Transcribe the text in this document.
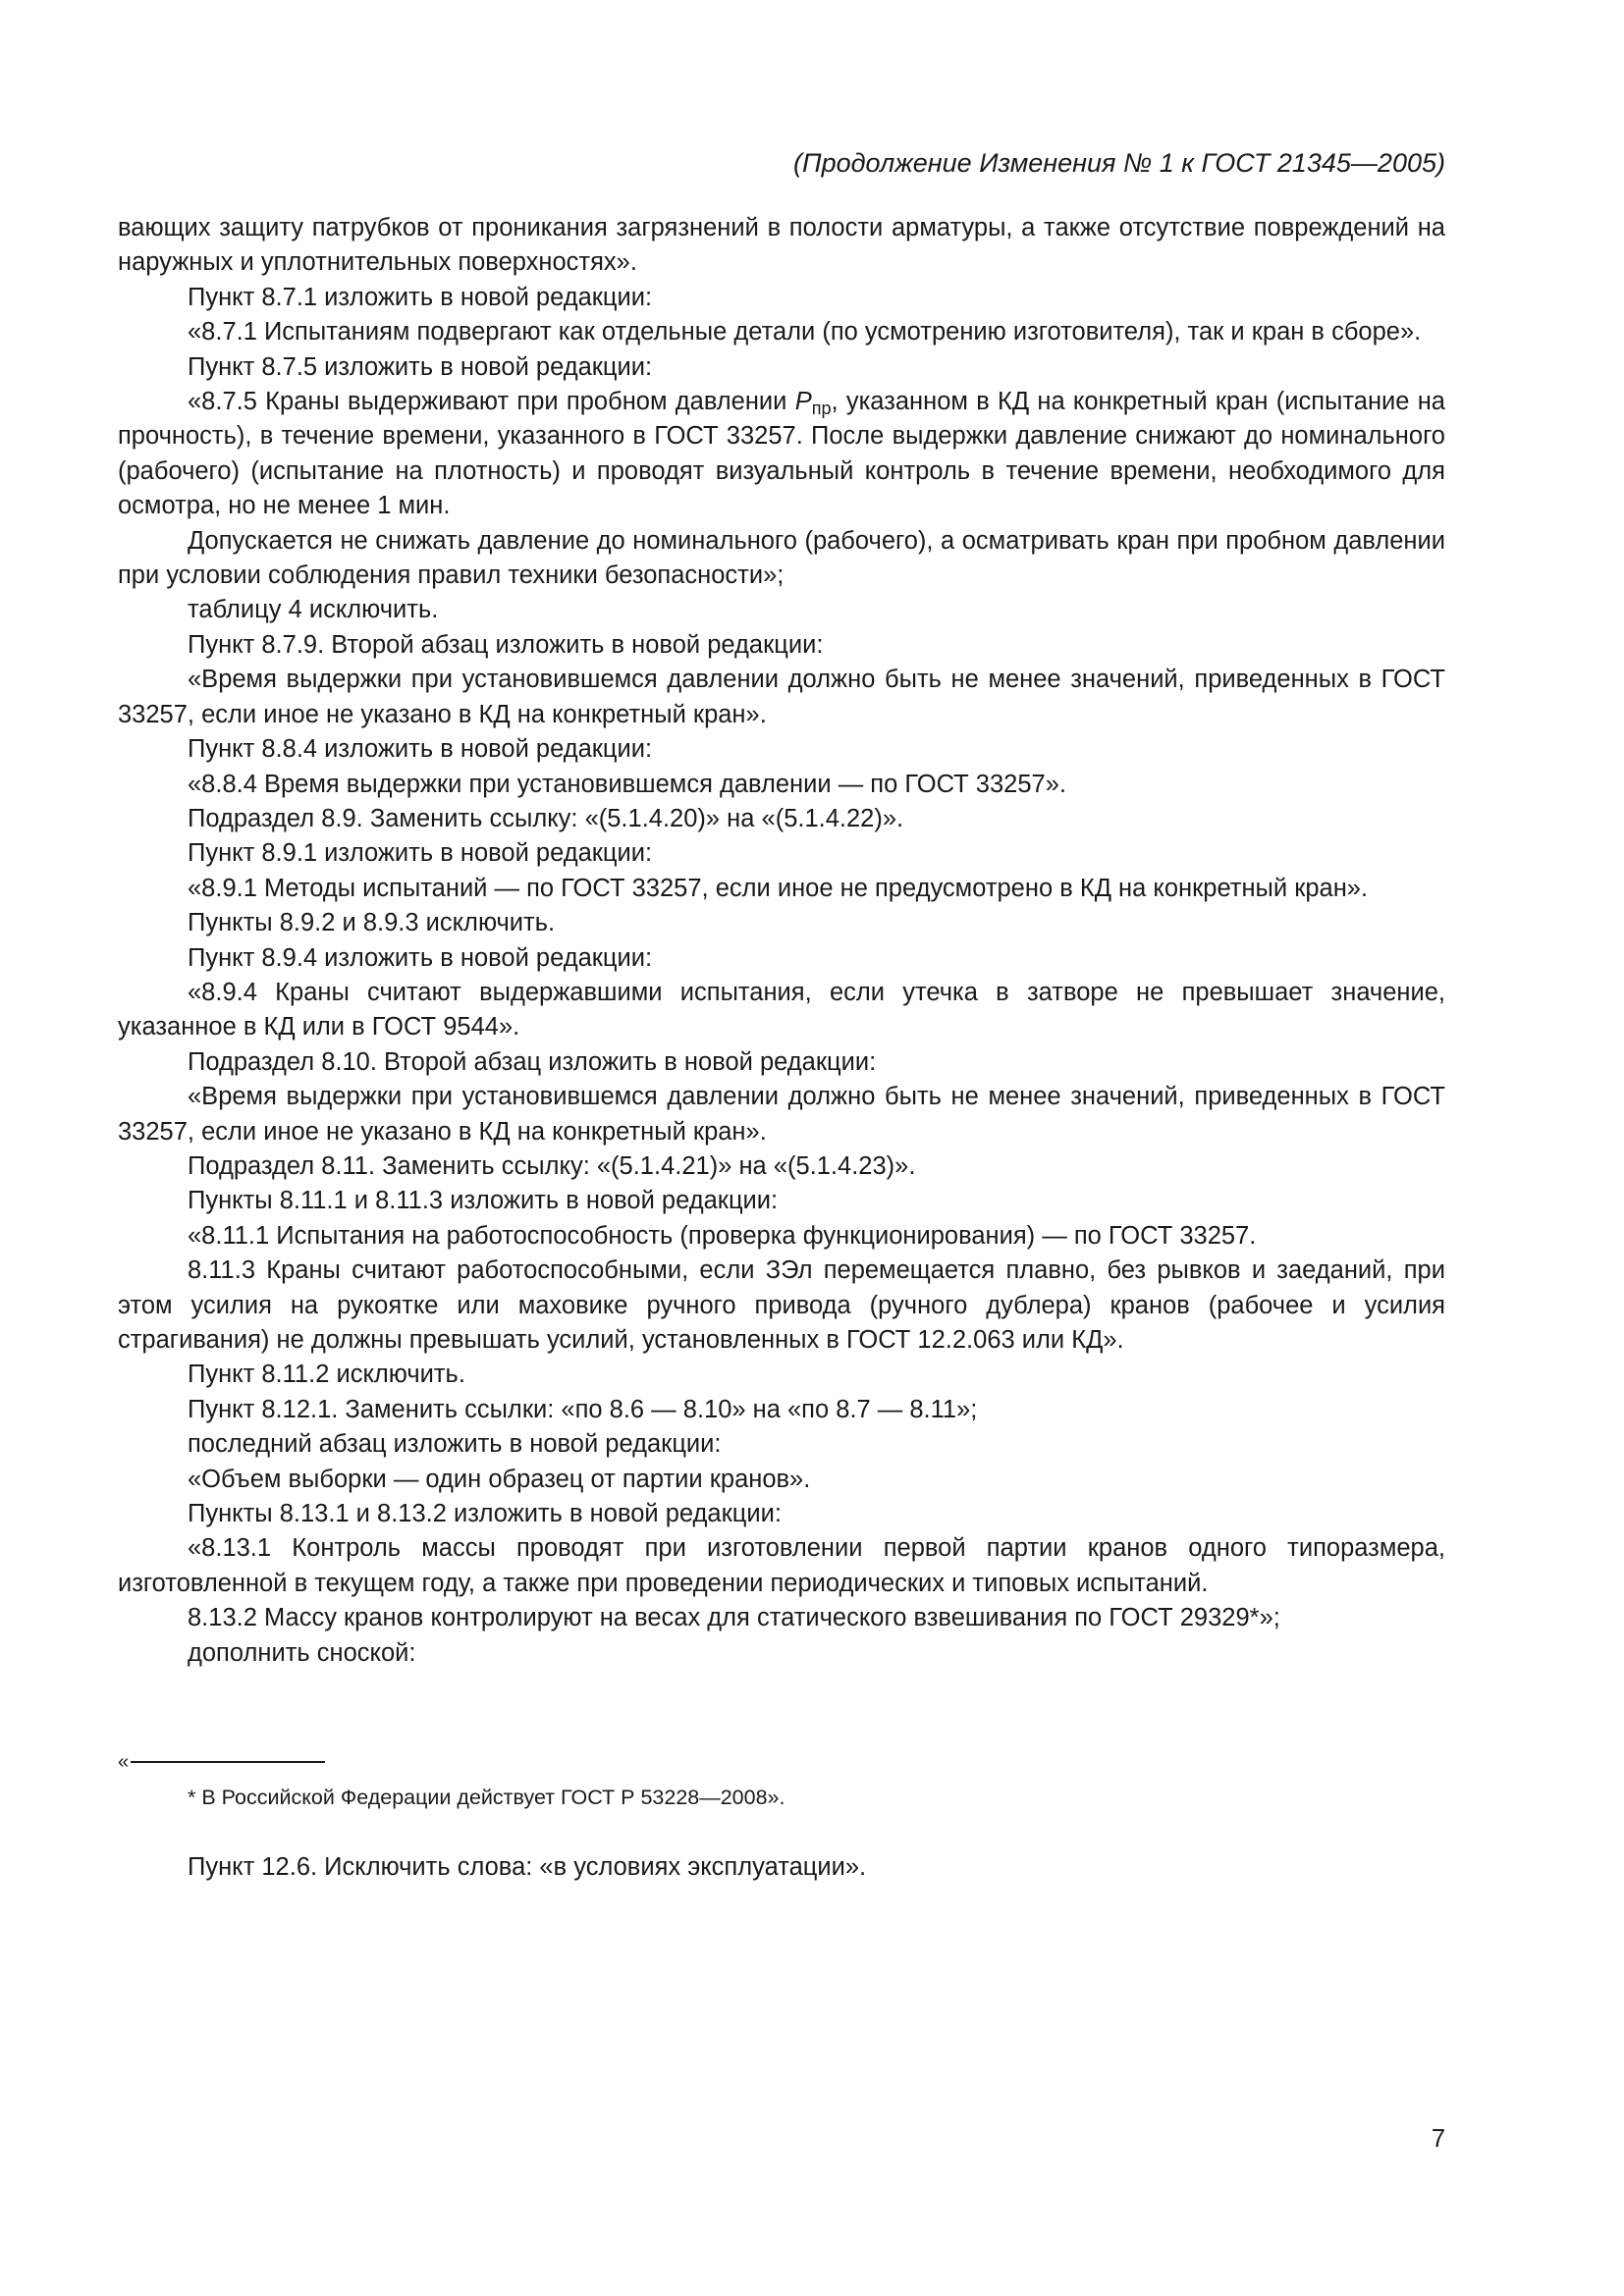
(Продолжение Изменения № 1 к ГОСТ 21345—2005)

вающих защиту патрубков от проникания загрязнений в полости арматуры, а также отсутствие повреждений на наружных и уплотнительных поверхностях».

Пункт 8.7.1 изложить в новой редакции:

«8.7.1 Испытаниям подвергают как отдельные детали (по усмотрению изготовителя), так и кран в сборе».

Пункт 8.7.5 изложить в новой редакции:

«8.7.5 Краны выдерживают при пробном давлении $P_{пр}$, указанном в КД на конкретный кран (испытание на прочность), в течение времени, указанного в ГОСТ 33257. После выдержки давление снижают до номинального (рабочего) (испытание на плотность) и проводят визуальный контроль в течение времени, необходимого для осмотра, но не менее 1 мин.

Допускается не снижать давление до номинального (рабочего), а осматривать кран при пробном давлении при условии соблюдения правил техники безопасности»;

таблицу 4 исключить.

Пункт 8.7.9. Второй абзац изложить в новой редакции:

«Время выдержки при установившемся давлении должно быть не менее значений, приведенных в ГОСТ 33257, если иное не указано в КД на конкретный кран».

Пункт 8.8.4 изложить в новой редакции:

«8.8.4 Время выдержки при установившемся давлении — по ГОСТ 33257».

Подраздел 8.9. Заменить ссылку: «(5.1.4.20)» на «(5.1.4.22)».

Пункт 8.9.1 изложить в новой редакции:

«8.9.1 Методы испытаний — по ГОСТ 33257, если иное не предусмотрено в КД на конкретный кран».

Пункты 8.9.2 и 8.9.3 исключить.

Пункт 8.9.4 изложить в новой редакции:

«8.9.4 Краны считают выдержавшими испытания, если утечка в затворе не превышает значение, указанное в КД или в ГОСТ 9544».

Подраздел 8.10. Второй абзац изложить в новой редакции:

«Время выдержки при установившемся давлении должно быть не менее значений, приведенных в ГОСТ 33257, если иное не указано в КД на конкретный кран».

Подраздел 8.11. Заменить ссылку: «(5.1.4.21)» на «(5.1.4.23)».

Пункты 8.11.1 и 8.11.3 изложить в новой редакции:

«8.11.1 Испытания на работоспособность (проверка функционирования) — по ГОСТ 33257.

8.11.3 Краны считают работоспособными, если ЗЭл перемещается плавно, без рывков и заеданий, при этом усилия на рукоятке или маховике ручного привода (ручного дублера) кранов (рабочее и усилия страгивания) не должны превышать усилий, установленных в ГОСТ 12.2.063 или КД».

Пункт 8.11.2 исключить.

Пункт 8.12.1. Заменить ссылки: «по 8.6 — 8.10» на «по 8.7 — 8.11»;

последний абзац изложить в новой редакции:

«Объем выборки — один образец от партии кранов».

Пункты 8.13.1 и 8.13.2 изложить в новой редакции:

«8.13.1 Контроль массы проводят при изготовлении первой партии кранов одного типоразмера, изготовленной в текущем году, а также при проведении периодических и типовых испытаний.

8.13.2 Массу кранов контролируют на весах для статического взвешивания по ГОСТ 29329*»;

дополнить сноской:

«

* В Российской Федерации действует ГОСТ Р 53228—2008».

Пункт 12.6. Исключить слова: «в условиях эксплуатации».

7
